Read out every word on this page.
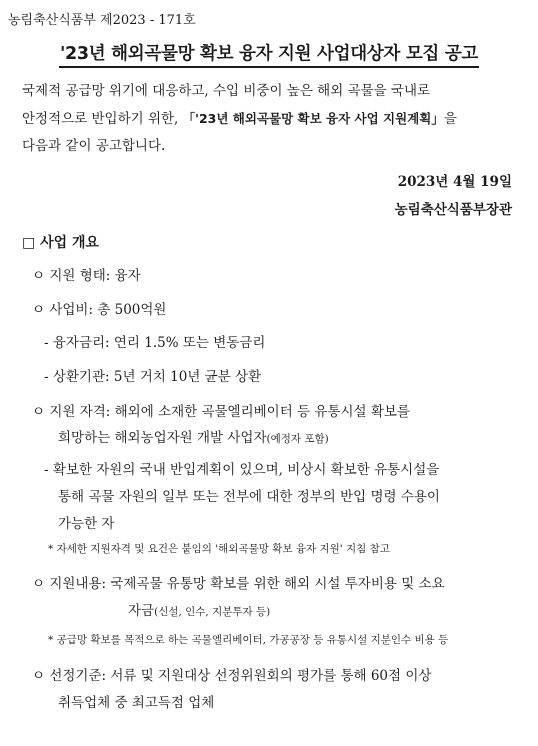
농림축산식품부 제2023 - 171호
'23년 해외곡물망 확보 융자 지원 사업대상자 모집 공고
국제적 공급망 위기에 대응하고, 수입 비중이 높은 해외 곡물을 국내로
안정적으로 반입하기 위한, 「'23년 해외곡물망 확보 융자 사업 지원계획」을
다음과 같이 공고합니다.
2023년 4월 19일
농림축산식품부장관
□ 사업 개요
ㅇ 지원 형태: 융자
ㅇ 사업비: 총 500억원
- 융자금리: 연리 1.5% 또는 변동금리
- 상환기관: 5년 거치 10년 균분 상환
ㅇ 지원 자격: 해외에 소재한 곡물엘리베이터 등 유통시설 확보를
희망하는 해외농업자원 개발 사업자(예정자 포함)
- 확보한 자원의 국내 반입계획이 있으며, 비상시 확보한 유통시설을
통해 곡물 자원의 일부 또는 전부에 대한 정부의 반입 명령 수용이
가능한 자
* 자세한 지원자격 및 요건은 붙임의 '해외곡물망 확보 융자 지원' 지침 참고
ㅇ 지원내용: 국제곡물 유통망 확보를 위한 해외 시설 투자비용 및 소요
자금(신설, 인수, 지분투자 등)
* 공급망 확보를 목적으로 하는 곡물엘리베이터, 가공공장 등 유통시설 지분인수 비용 등
ㅇ 선정기준: 서류 및 지원대상 선정위원회의 평가를 통해 60점 이상
취득업체 중 최고득점 업체
